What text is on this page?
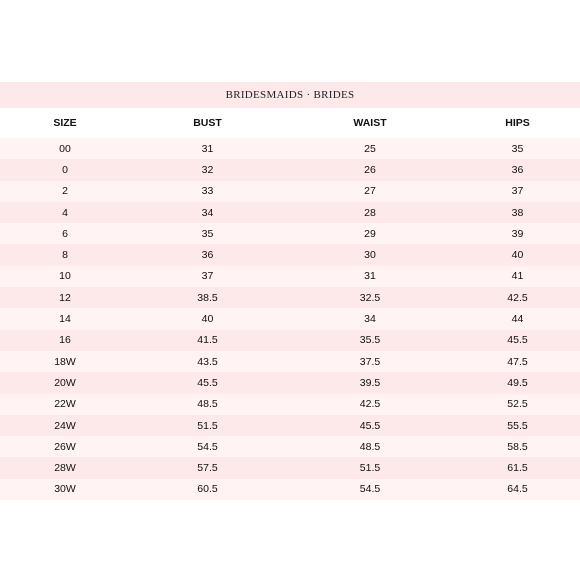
BRIDESMAIDS · BRIDES
SIZE	BUST	WAIST	HIPS
00	31	25	35
0	32	26	36
2	33	27	37
4	34	28	38
6	35	29	39
8	36	30	40
10	37	31	41
12	38.5	32.5	42.5
14	40	34	44
16	41.5	35.5	45.5
18W	43.5	37.5	47.5
20W	45.5	39.5	49.5
22W	48.5	42.5	52.5
24W	51.5	45.5	55.5
26W	54.5	48.5	58.5
28W	57.5	51.5	61.5
30W	60.5	54.5	64.5
